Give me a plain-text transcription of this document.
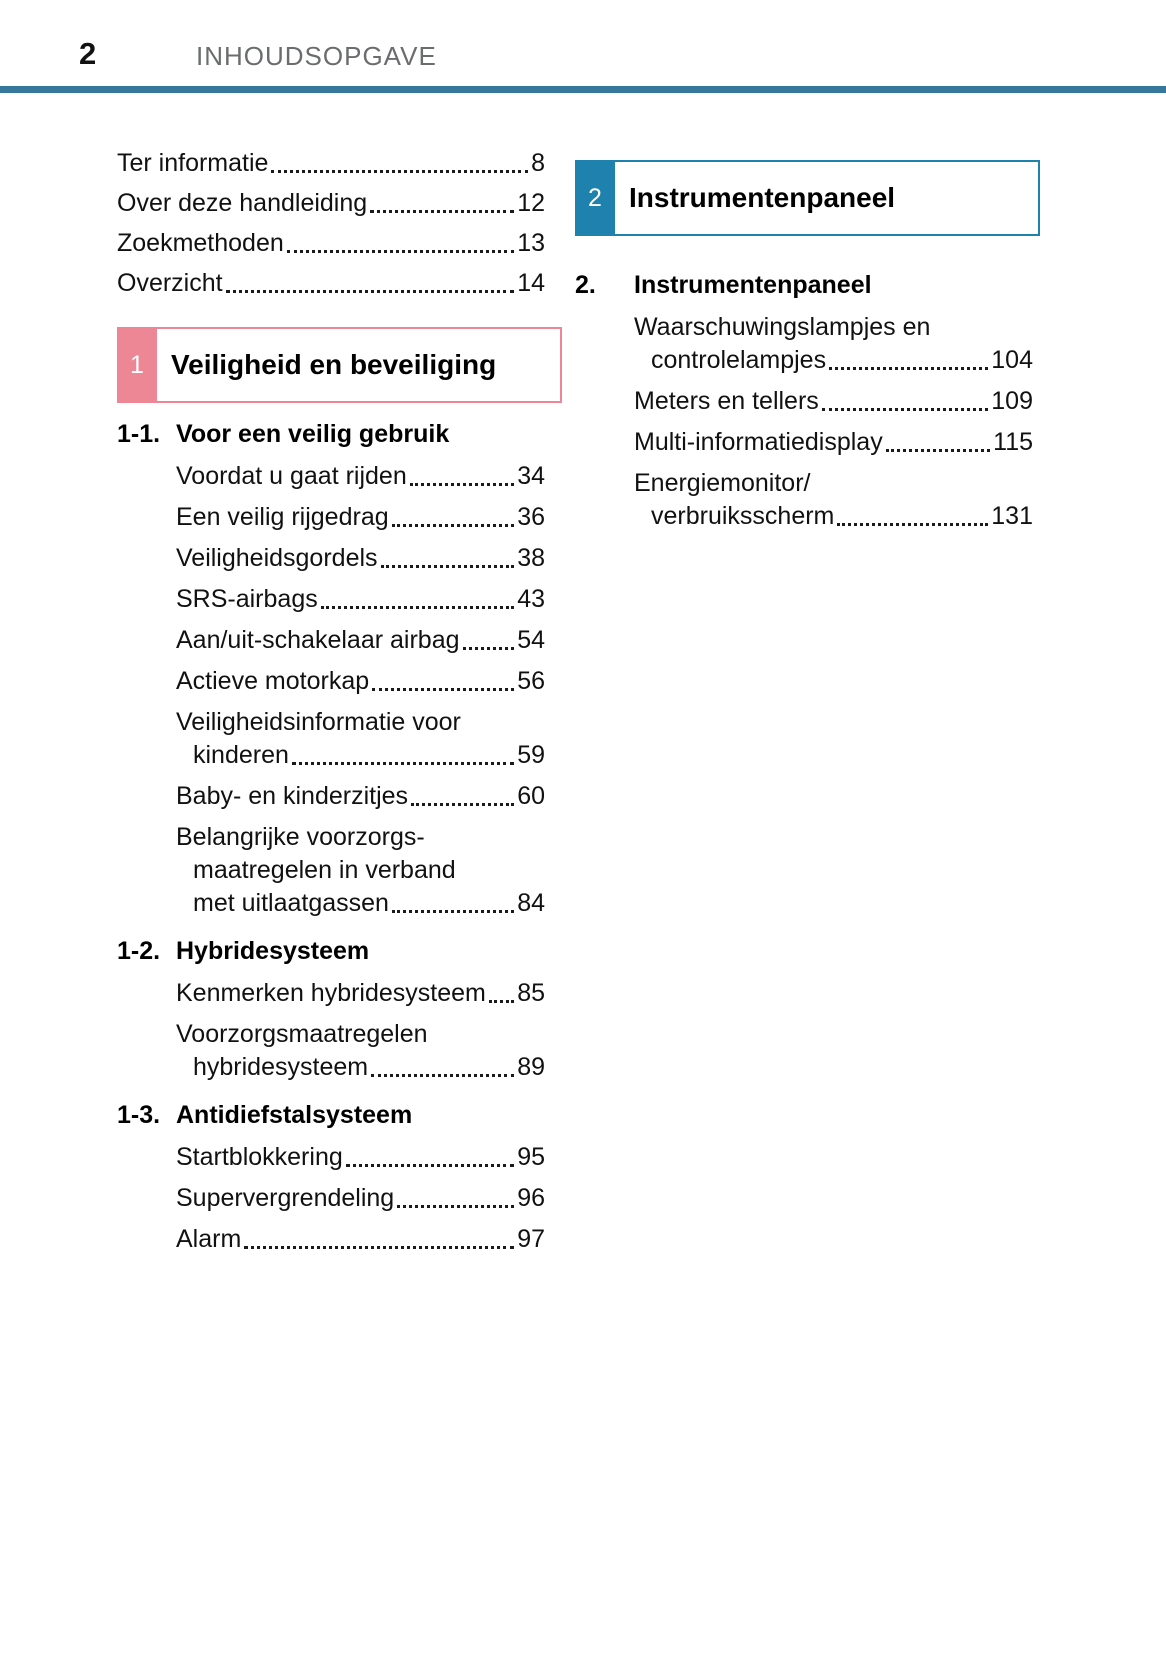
2	INHOUDSOPGAVE
Ter informatie	8
Over deze handleiding	12
Zoekmethoden	13
Overzicht	14
1 Veiligheid en beveiliging
1-1. Voor een veilig gebruik
Voordat u gaat rijden	34
Een veilig rijgedrag	36
Veiligheidsgordels	38
SRS-airbags	43
Aan/uit-schakelaar airbag 54
Actieve motorkap	56
Veiligheidsinformatie voor
kinderen	59
Baby- en kinderzitjes	60
Belangrijke voorzorgs-
maatregelen in verband
met uitlaatgassen	84
1-2. Hybridesysteem
Kenmerken hybridesysteem 85
Voorzorgsmaatregelen
hybridesysteem	89
1-3. Antidiefstalsysteem
Startblokkering	95
Supervergrendeling	96
Alarm	97
2 Instrumentenpaneel
2.	Instrumentenpaneel
Waarschuwingslampjes en
controlelampjes	104
Meters en tellers	109
Multi-informatiedisplay	115
Energiemonitor/
verbruiksscherm	131
